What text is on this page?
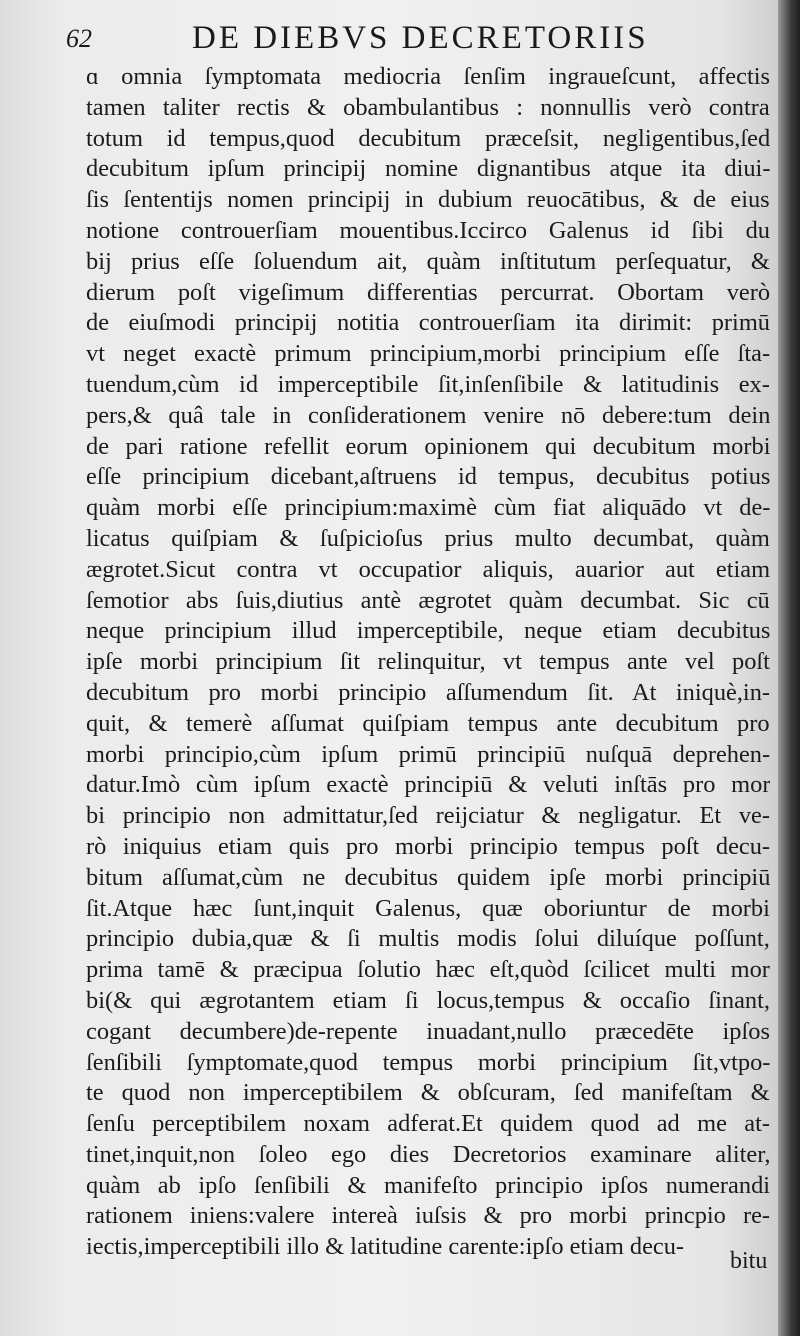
62	DE DIEBVS DECRETORIIS
ɑ omnia ſymptomata mediocria ſenſim ingraueſcunt, affectis
tamen taliter rectis & obambulantibus : nonnullis verò contra
totum id tempus,quod decubitum præceſsit, negligentibus,ſed
decubitum ipſum principij nomine dignantibus atque ita diui-
ſis ſententijs nomen principij in dubium reuocātibus, & de eius
notione controuerſiam mouentibus.Iccirco Galenus id ſibi du
bij prius eſſe ſoluendum ait, quàm inſtitutum perſequatur, &
dierum poſt vigeſimum differentias percurrat. Obortam verò
de eiuſmodi principij notitia controuerſiam ita dirimit: primū
vt neget exactè primum principium,morbi principium eſſe ſta-
tuendum,cùm id imperceptibile ſit,inſenſibile & latitudinis ex-
pers,& quâ tale in conſiderationem venire nō debere:tum dein
de pari ratione refellit eorum opinionem qui decubitum morbi
eſſe principium dicebant,aſtruens id tempus, decubitus potius
quàm morbi eſſe principium:maximè cùm fiat aliquādo vt de-
licatus quiſpiam & ſuſpicioſus prius multo decumbat, quàm
ægrotet.Sicut contra vt occupatior aliquis, auarior aut etiam
ſemotior abs ſuis,diutius antè ægrotet quàm decumbat. Sic cū
neque principium illud imperceptibile, neque etiam decubitus
ipſe morbi principium ſit relinquitur, vt tempus ante vel poſt
decubitum pro morbi principio aſſumendum ſit. At iniquè,in-
quit, & temerè aſſumat quiſpiam tempus ante decubitum pro
morbi principio,cùm ipſum primū principiū nuſquā deprehen-
datur.Imò cùm ipſum exactè principiū & veluti inſtās pro mor
bi principio non admittatur,ſed reijciatur & negligatur. Et ve-
rò iniquius etiam quis pro morbi principio tempus poſt decu-
bitum aſſumat,cùm ne decubitus quidem ipſe morbi principiū
ſit.Atque hæc ſunt,inquit Galenus, quæ oboriuntur de morbi
principio dubia,quæ & ſi multis modis ſolui diluíque poſſunt,
prima tamē & præcipua ſolutio hæc eſt,quòd ſcilicet multi mor
bi(& qui ægrotantem etiam ſi locus,tempus & occaſio ſinant,
cogant decumbere)de-repente inuadant,nullo præcedēte ipſos
ſenſibili ſymptomate,quod tempus morbi principium ſit,vtpo-
te quod non imperceptibilem & obſcuram, ſed manifeſtam &
ſenſu perceptibilem noxam adferat.Et quidem quod ad me at-
tinet,inquit,non ſoleo ego dies Decretorios examinare aliter,
quàm ab ipſo ſenſibili & manifeſto principio ipſos numerandi
rationem iniens:valere intereà iuſsis & pro morbi princpio re-
iectis,imperceptibili illo & latitudine carente:ipſo etiam decu-
bitu
